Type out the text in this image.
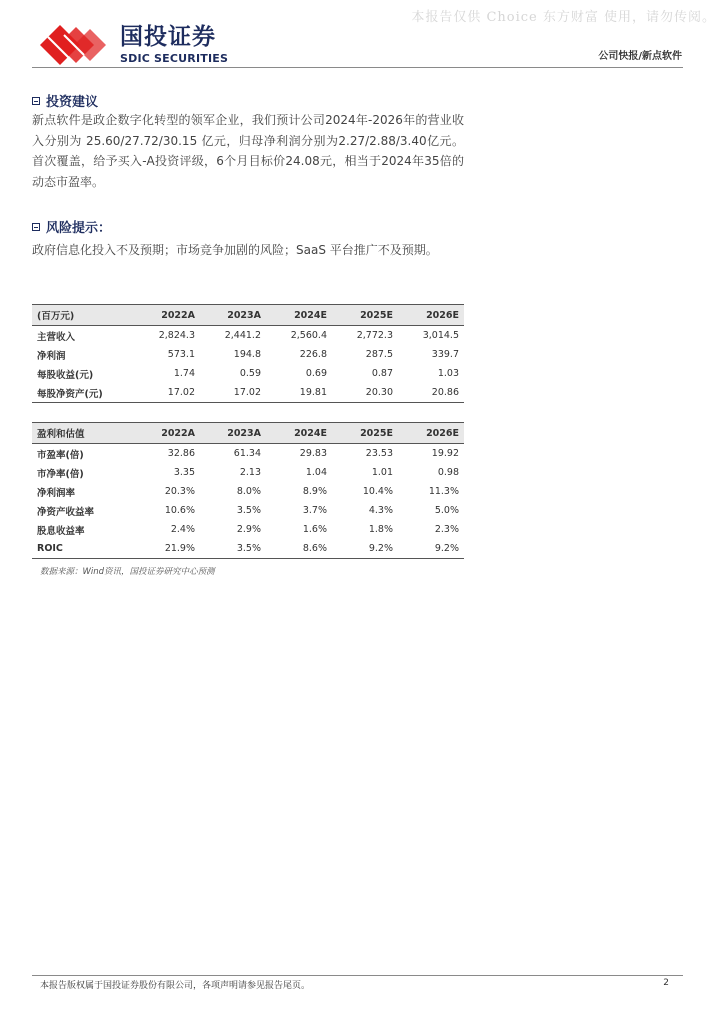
本报告仅供 Choice 东方财富 使用，请勿传阅。
国投证券
SDIC SECURITIES	公司快报/新点软件
投资建议
新点软件是政企数字化转型的领军企业，我们预计公司2024年-2026年的营业收入分别为 25.60/27.72/30.15 亿元，归母净利润分别为2.27/2.88/3.40亿元。首次覆盖，给予买入-A投资评级，6个月目标价24.08元，相当于2024年35倍的动态市盈率。
风险提示：
政府信息化投入不及预期；市场竞争加剧的风险；SaaS 平台推广不及预期。
(百万元)	2022A	2023A	2024E	2025E	2026E
主营收入	2,824.3	2,441.2	2,560.4	2,772.3	3,014.5
净利润	573.1	194.8	226.8	287.5	339.7
每股收益(元)	1.74	0.59	0.69	0.87	1.03
每股净资产(元)	17.02	17.02	19.81	20.30	20.86
盈利和估值	2022A	2023A	2024E	2025E	2026E
市盈率(倍)	32.86	61.34	29.83	23.53	19.92
市净率(倍)	3.35	2.13	1.04	1.01	0.98
净利润率	20.3%	8.0%	8.9%	10.4%	11.3%
净资产收益率	10.6%	3.5%	3.7%	4.3%	5.0%
股息收益率	2.4%	2.9%	1.6%	1.8%	2.3%
ROIC	21.9%	3.5%	8.6%	9.2%	9.2%
数据来源：Wind资讯，国投证券研究中心预测
本报告版权属于国投证券股份有限公司，各项声明请参见报告尾页。	2
